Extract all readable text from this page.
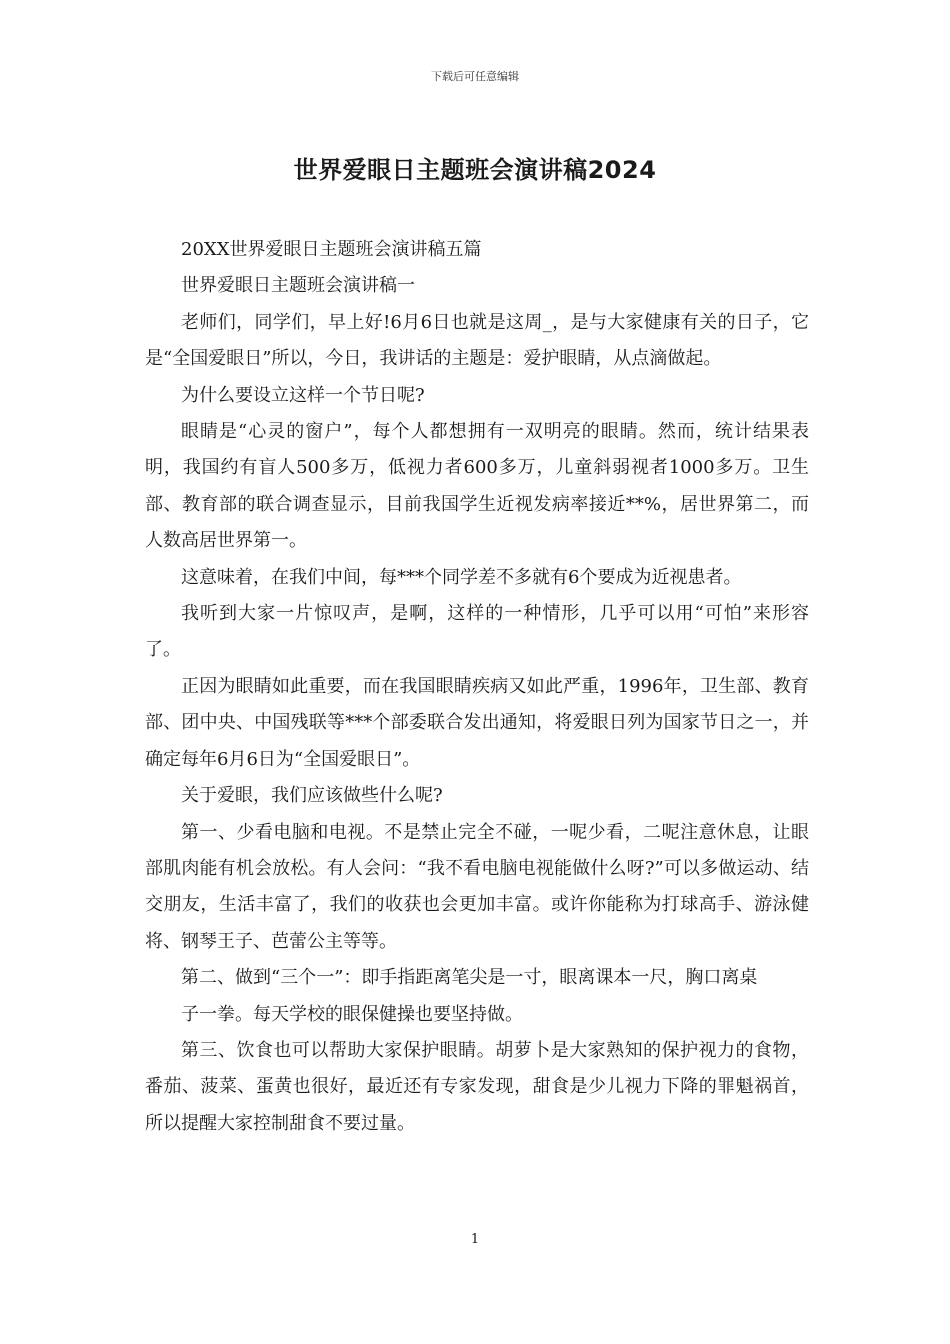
下载后可任意编辑
世界爱眼日主题班会演讲稿2024

20XX世界爱眼日主题班会演讲稿五篇

世界爱眼日主题班会演讲稿一

老师们，同学们，早上好!6月6日也就是这周_，是与大家健康有关的日子，它是“全国爱眼日”所以，今日，我讲话的主题是：爱护眼睛，从点滴做起。

为什么要设立这样一个节日呢?

眼睛是“心灵的窗户”，每个人都想拥有一双明亮的眼睛。然而，统计结果表明，我国约有盲人500多万，低视力者600多万，儿童斜弱视者1000多万。卫生部、教育部的联合调查显示，目前我国学生近视发病率接近**%，居世界第二，而人数高居世界第一。

这意味着，在我们中间，每***个同学差不多就有6个要成为近视患者。

我听到大家一片惊叹声，是啊，这样的一种情形，几乎可以用“可怕”来形容了。

正因为眼睛如此重要，而在我国眼睛疾病又如此严重，1996年，卫生部、教育部、团中央、中国残联等***个部委联合发出通知，将爱眼日列为国家节日之一，并确定每年6月6日为“全国爱眼日”。

关于爱眼，我们应该做些什么呢?

第一、少看电脑和电视。不是禁止完全不碰，一呢少看，二呢注意休息，让眼部肌肉能有机会放松。有人会问：“我不看电脑电视能做什么呀?”可以多做运动、结交朋友，生活丰富了，我们的收获也会更加丰富。或许你能称为打球高手、游泳健将、钢琴王子、芭蕾公主等等。

第二、做到“三个一”：即手指距离笔尖是一寸，眼离课本一尺，胸口离桌

子一拳。每天学校的眼保健操也要坚持做。

第三、饮食也可以帮助大家保护眼睛。胡萝卜是大家熟知的保护视力的食物，番茄、菠菜、蛋黄也很好，最近还有专家发现，甜食是少儿视力下降的罪魁祸首，所以提醒大家控制甜食不要过量。

1
